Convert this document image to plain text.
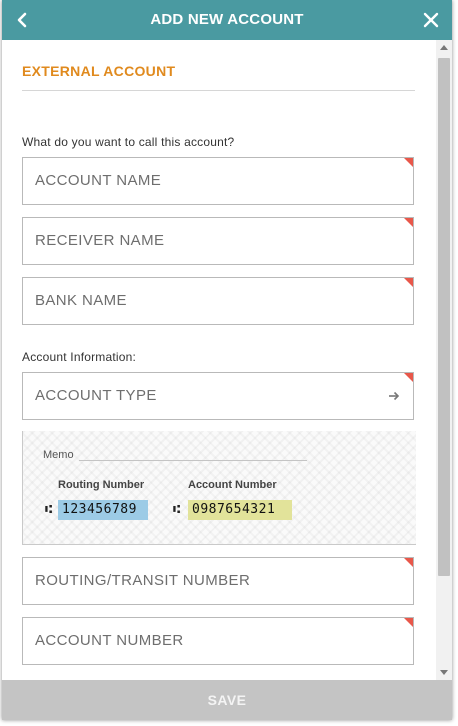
ADD NEW ACCOUNT
EXTERNAL ACCOUNT
What do you want to call this account?
ACCOUNT NAME
RECEIVER NAME
BANK NAME
Account Information:
ACCOUNT TYPE
Memo
Routing Number	Account Number
⑆ 123456789	⑆ 0987654321
ROUTING/TRANSIT NUMBER
ACCOUNT NUMBER
SAVE
